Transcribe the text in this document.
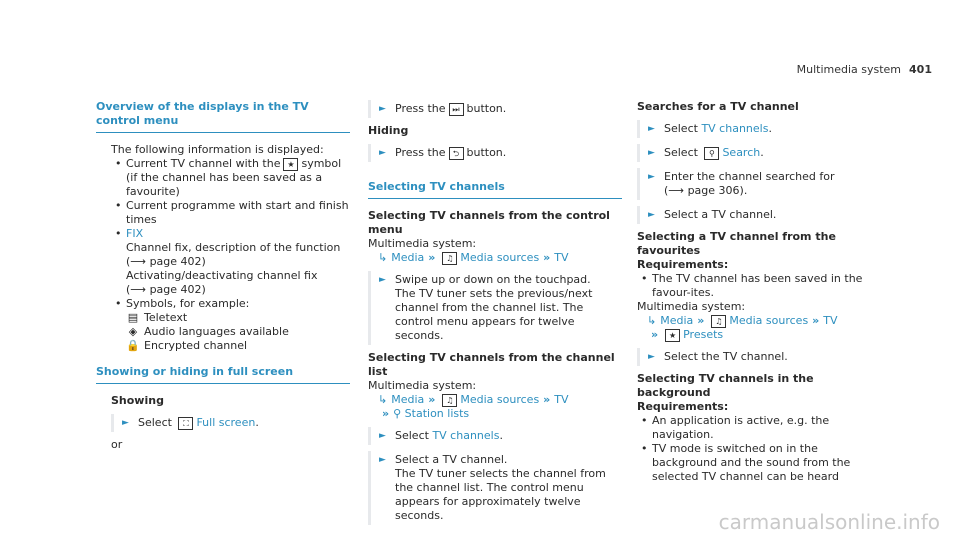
Multimedia system 401
Overview of the displays in the TV control menu
The following information is displayed:
• Current TV channel with the ★ symbol (if the channel has been saved as a favourite)
• Current programme with start and finish times
• FIX
Channel fix, description of the function
(⟶ page 402)
Activating/deactivating channel fix
(⟶ page 402)
• Symbols, for example:
▤ Teletext
◈ Audio languages available
🔒 Encrypted channel
Showing or hiding in full screen
Showing
► Select ⛶ Full screen.
or
► Press the ⏭ button.
Hiding
► Press the ⮌ button.
Selecting TV channels
Selecting TV channels from the control menu
Multimedia system:
↳ Media » ♫ Media sources » TV
► Swipe up or down on the touchpad.
The TV tuner sets the previous/next channel from the channel list. The control menu appears for twelve seconds.
Selecting TV channels from the channel list
Multimedia system:
↳ Media » ♫ Media sources » TV
» ⚲ Station lists
► Select TV channels.
► Select a TV channel.
The TV tuner selects the channel from the channel list. The control menu appears for approximately twelve seconds.
Searches for a TV channel
► Select TV channels.
► Select ⚲ Search.
► Enter the channel searched for
(⟶ page 306).
► Select a TV channel.
Selecting a TV channel from the favourites
Requirements:
• The TV channel has been saved in the favour-ites.
Multimedia system:
↳ Media » ♫ Media sources » TV
» ★ Presets
► Select the TV channel.
Selecting TV channels in the background
Requirements:
• An application is active, e.g. the navigation.
• TV mode is switched on in the background and the sound from the selected TV channel can be heard
carmanualsonline.info
